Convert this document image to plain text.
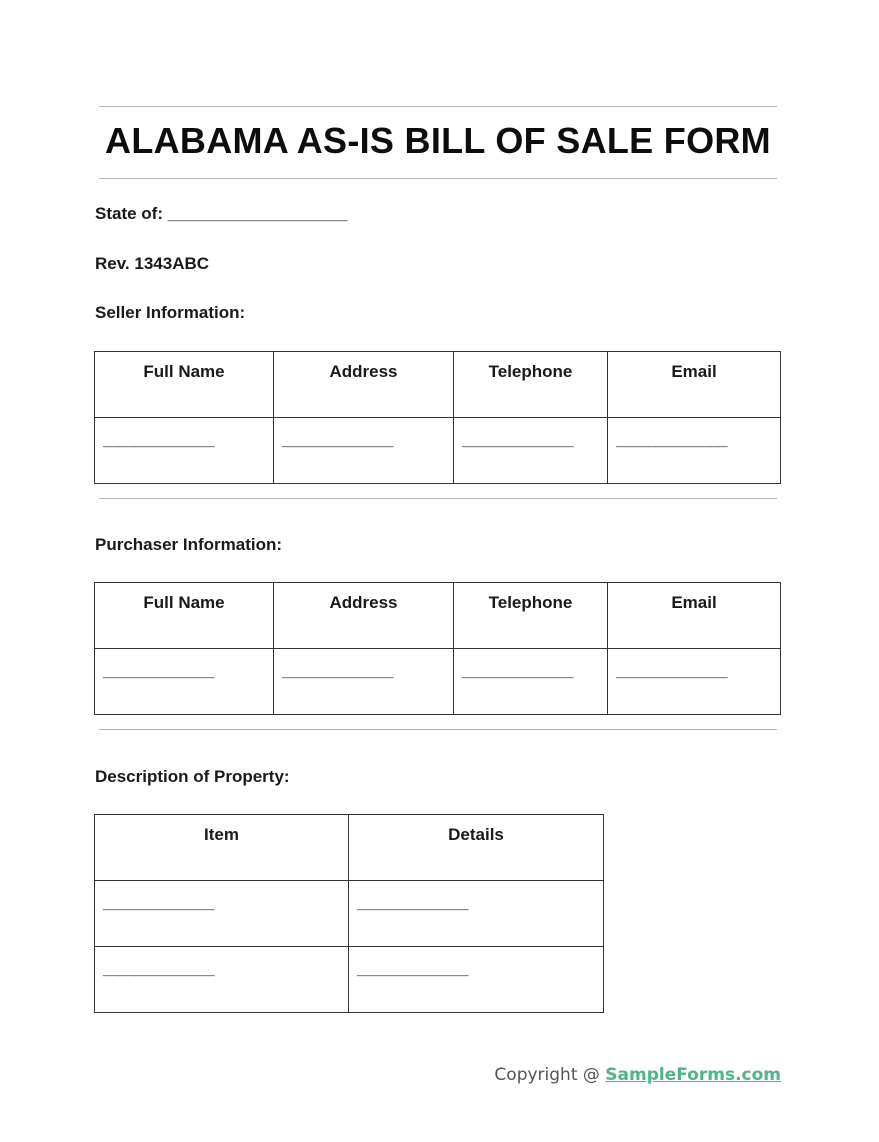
ALABAMA AS-IS BILL OF SALE FORM
State of: ___________________
Rev. 1343ABC
Seller Information:
Full Name	Address	Telephone	Email
______________	______________	______________	______________
Purchaser Information:
Full Name	Address	Telephone	Email
______________	______________	______________	______________
Description of Property:
Item	Details
______________	______________
______________	______________
Copyright @ SampleForms.com
